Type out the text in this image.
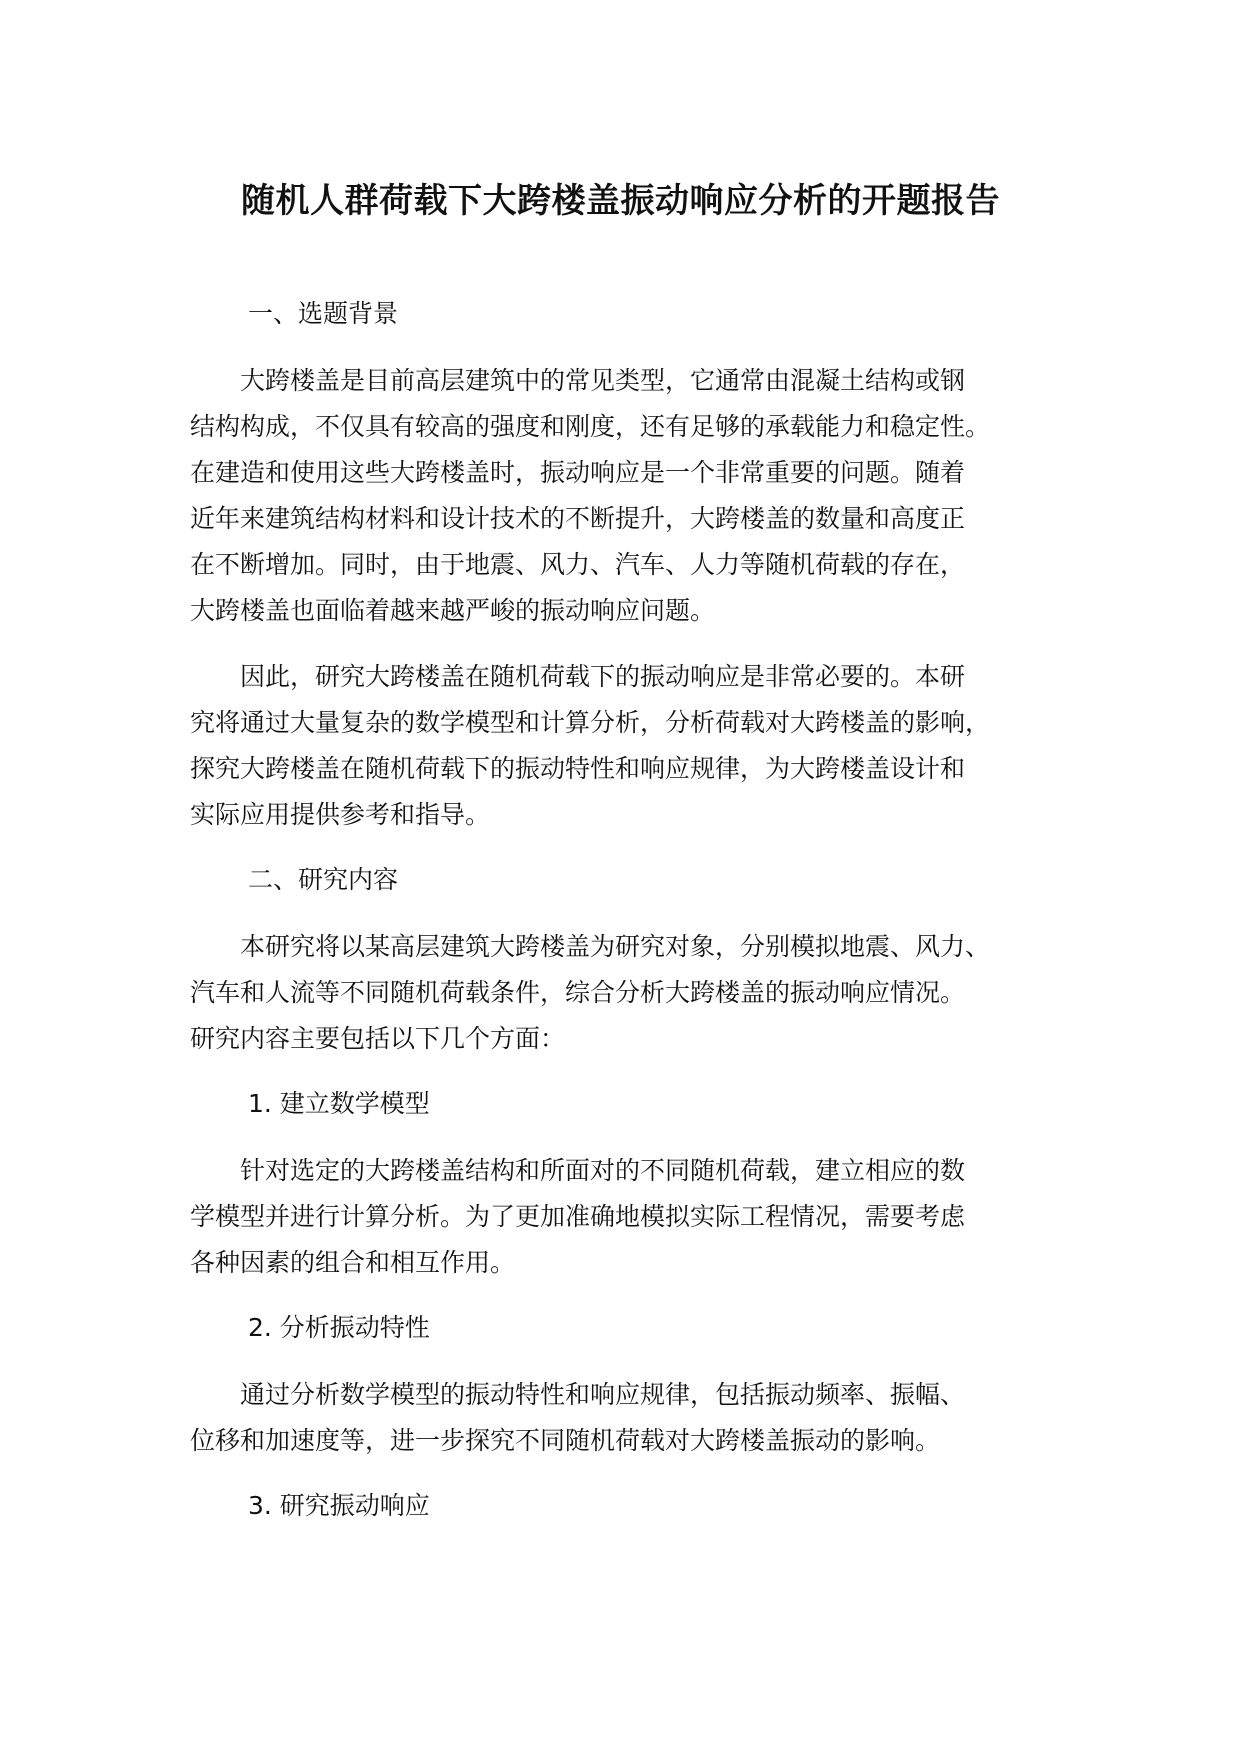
随机人群荷载下大跨楼盖振动响应分析的开题报告
一、选题背景
　　大跨楼盖是目前高层建筑中的常见类型，它通常由混凝土结构或钢
结构构成，不仅具有较高的强度和刚度，还有足够的承载能力和稳定性。
在建造和使用这些大跨楼盖时，振动响应是一个非常重要的问题。随着
近年来建筑结构材料和设计技术的不断提升，大跨楼盖的数量和高度正
在不断增加。同时，由于地震、风力、汽车、人力等随机荷载的存在，
大跨楼盖也面临着越来越严峻的振动响应问题。
　　因此，研究大跨楼盖在随机荷载下的振动响应是非常必要的。本研
究将通过大量复杂的数学模型和计算分析，分析荷载对大跨楼盖的影响，
探究大跨楼盖在随机荷载下的振动特性和响应规律，为大跨楼盖设计和
实际应用提供参考和指导。
二、研究内容
　　本研究将以某高层建筑大跨楼盖为研究对象，分别模拟地震、风力、
汽车和人流等不同随机荷载条件，综合分析大跨楼盖的振动响应情况。
研究内容主要包括以下几个方面：
1. 建立数学模型
　　针对选定的大跨楼盖结构和所面对的不同随机荷载，建立相应的数
学模型并进行计算分析。为了更加准确地模拟实际工程情况，需要考虑
各种因素的组合和相互作用。
2. 分析振动特性
　　通过分析数学模型的振动特性和响应规律，包括振动频率、振幅、
位移和加速度等，进一步探究不同随机荷载对大跨楼盖振动的影响。
3. 研究振动响应
